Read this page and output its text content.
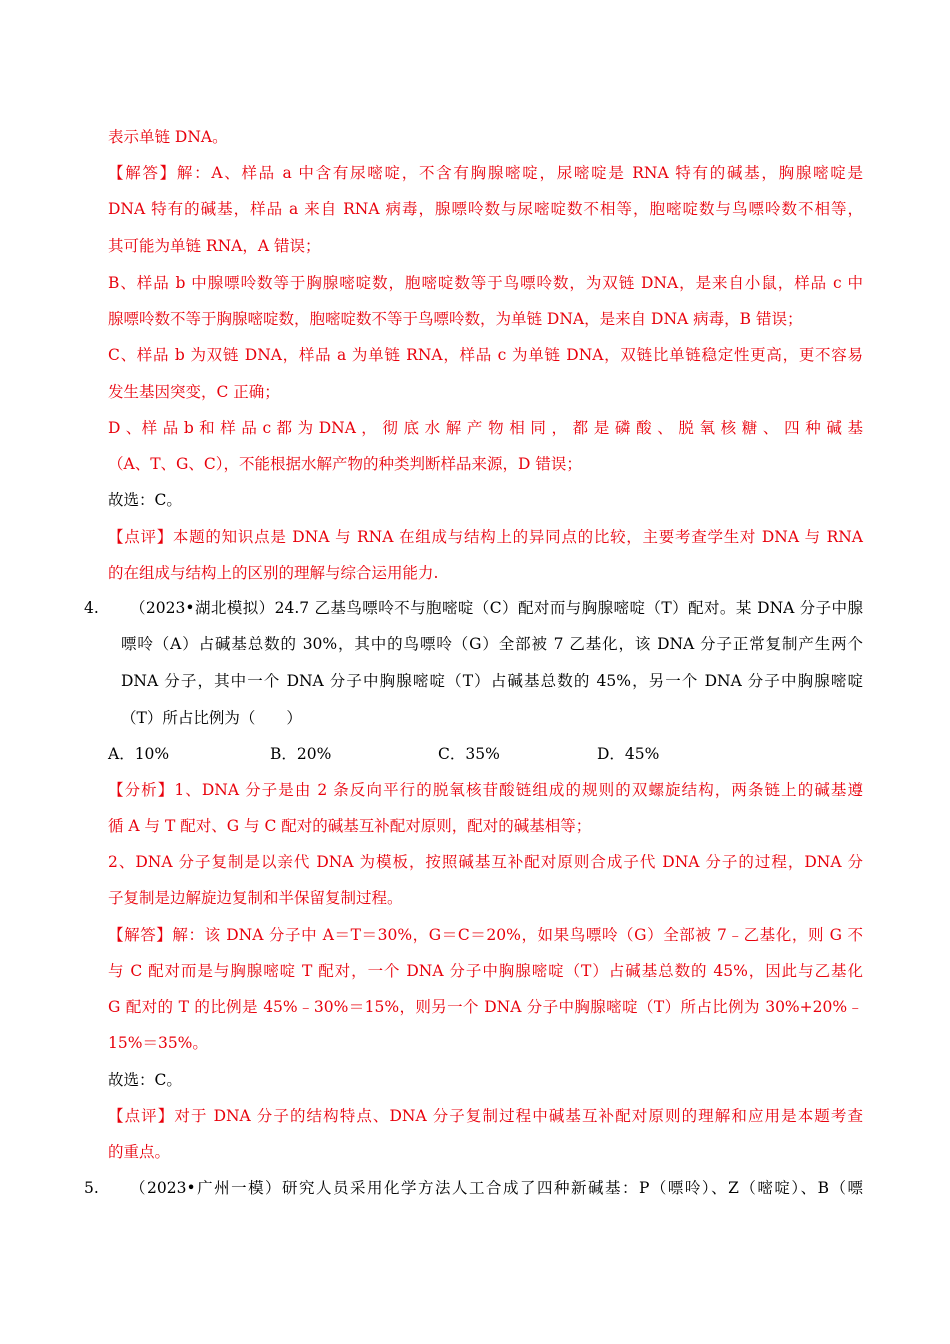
表示单链 DNA。
【解答】解：A、样品 a 中含有尿嘧啶，不含有胸腺嘧啶，尿嘧啶是 RNA 特有的碱基，胸腺嘧啶是
DNA 特有的碱基，样品 a 来自 RNA 病毒，腺嘌呤数与尿嘧啶数不相等，胞嘧啶数与鸟嘌呤数不相等，
其可能为单链 RNA，A 错误；
B、样品 b 中腺嘌呤数等于胸腺嘧啶数，胞嘧啶数等于鸟嘌呤数，为双链 DNA，是来自小鼠，样品 c 中
腺嘌呤数不等于胸腺嘧啶数，胞嘧啶数不等于鸟嘌呤数，为单链 DNA，是来自 DNA 病毒，B 错误；
C、样品 b 为双链 DNA，样品 a 为单链 RNA，样品 c 为单链 DNA，双链比单链稳定性更高，更不容易
发生基因突变，C 正确；
D 、样 品 b 和 样 品 c 都 为 DNA ， 彻 底 水 解 产 物 相 同 ， 都 是 磷 酸 、 脱 氧 核 糖 、 四 种 碱 基
（A、T、G、C），不能根据水解产物的种类判断样品来源，D 错误；
故选：C。
【点评】本题的知识点是 DNA 与 RNA 在组成与结构上的异同点的比较，主要考查学生对 DNA 与 RNA
的在组成与结构上的区别的理解与综合运用能力.
4. （2023•湖北模拟）24.7 乙基鸟嘌呤不与胞嘧啶（C）配对而与胸腺嘧啶（T）配对。某 DNA 分子中腺
嘌呤（A）占碱基总数的 30%，其中的鸟嘌呤（G）全部被 7 乙基化，该 DNA 分子正常复制产生两个
DNA 分子，其中一个 DNA 分子中胸腺嘧啶（T）占碱基总数的 45%，另一个 DNA 分子中胸腺嘧啶
（T）所占比例为（　　）
A．10%	B．20%	C．35%	D．45%
【分析】1、DNA 分子是由 2 条反向平行的脱氧核苷酸链组成的规则的双螺旋结构，两条链上的碱基遵
循 A 与 T 配对、G 与 C 配对的碱基互补配对原则，配对的碱基相等；
2、DNA 分子复制是以亲代 DNA 为模板，按照碱基互补配对原则合成子代 DNA 分子的过程，DNA 分
子复制是边解旋边复制和半保留复制过程。
【解答】解：该 DNA 分子中 A＝T＝30%，G＝C＝20%，如果鸟嘌呤（G）全部被 7﹣乙基化，则 G 不
与 C 配对而是与胸腺嘧啶 T 配对，一个 DNA 分子中胸腺嘧啶（T）占碱基总数的 45%，因此与乙基化
G 配对的 T 的比例是 45%﹣30%＝15%，则另一个 DNA 分子中胸腺嘧啶（T）所占比例为 30%+20%﹣
15%＝35%。
故选：C。
【点评】对于 DNA 分子的结构特点、DNA 分子复制过程中碱基互补配对原则的理解和应用是本题考查
的重点。
5. （2023•广州一模）研究人员采用化学方法人工合成了四种新碱基：P（嘌呤）、Z（嘧啶）、B（嘌
